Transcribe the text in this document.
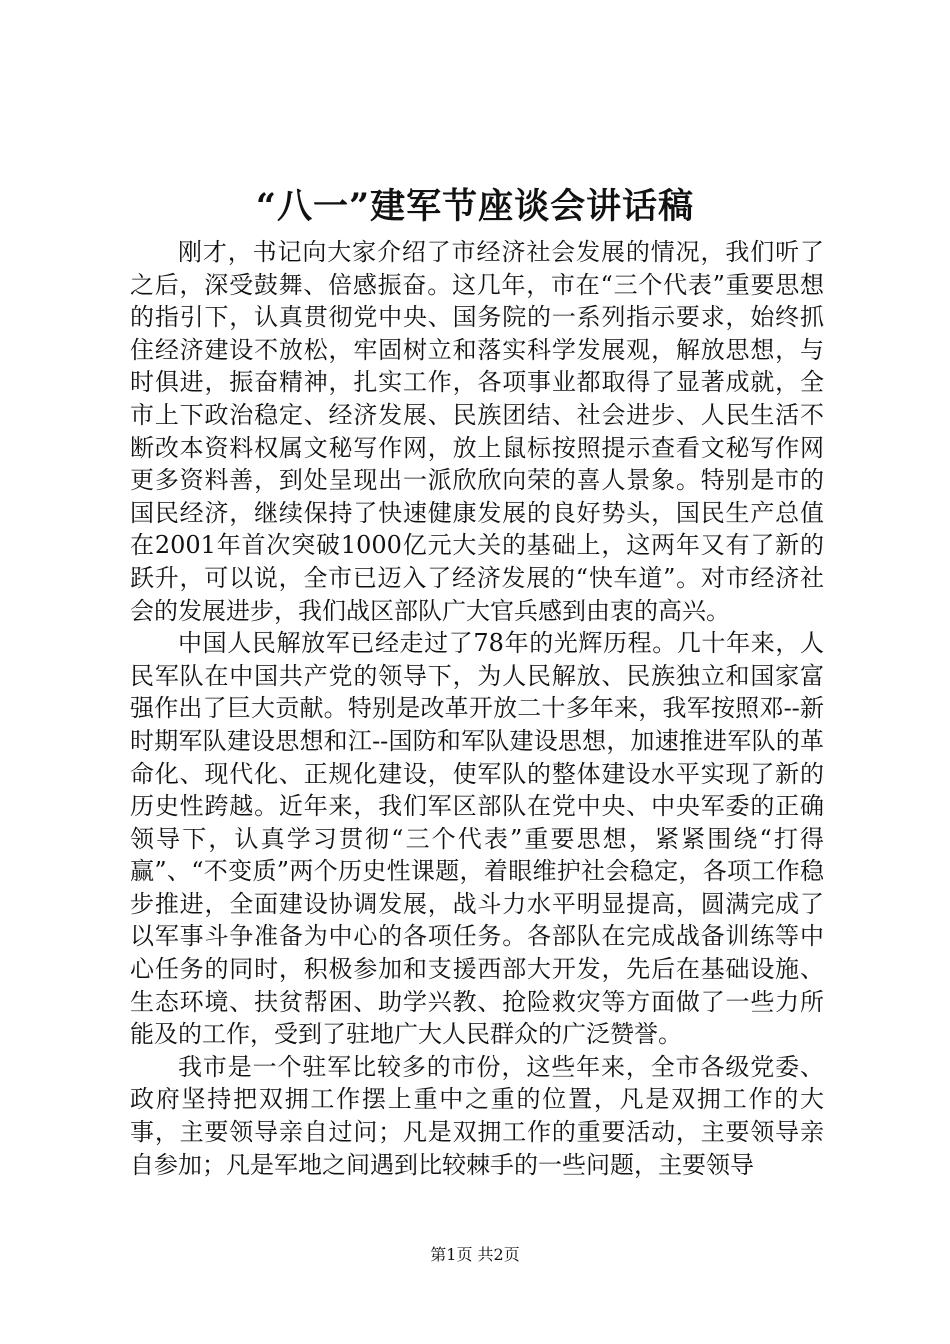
“八一”建军节座谈会讲话稿

刚才，书记向大家介绍了市经济社会发展的情况，我们听了之后，深受鼓舞、倍感振奋。这几年，市在“三个代表”重要思想的指引下，认真贯彻党中央、国务院的一系列指示要求，始终抓住经济建设不放松，牢固树立和落实科学发展观，解放思想，与时俱进，振奋精神，扎实工作，各项事业都取得了显著成就，全市上下政治稳定、经济发展、民族团结、社会进步、人民生活不断改本资料权属文秘写作网，放上鼠标按照提示查看文秘写作网更多资料善，到处呈现出一派欣欣向荣的喜人景象。特别是市的国民经济，继续保持了快速健康发展的良好势头，国民生产总值在2001年首次突破1000亿元大关的基础上，这两年又有了新的跃升，可以说，全市已迈入了经济发展的“快车道”。对市经济社会的发展进步，我们战区部队广大官兵感到由衷的高兴。

中国人民解放军已经走过了78年的光辉历程。几十年来，人民军队在中国共产党的领导下，为人民解放、民族独立和国家富强作出了巨大贡献。特别是改革开放二十多年来，我军按照邓--新时期军队建设思想和江--国防和军队建设思想，加速推进军队的革命化、现代化、正规化建设，使军队的整体建设水平实现了新的历史性跨越。近年来，我们军区部队在党中央、中央军委的正确领导下，认真学习贯彻“三个代表”重要思想，紧紧围绕“打得赢”、“不变质”两个历史性课题，着眼维护社会稳定，各项工作稳步推进，全面建设协调发展，战斗力水平明显提高，圆满完成了以军事斗争准备为中心的各项任务。各部队在完成战备训练等中心任务的同时，积极参加和支援西部大开发，先后在基础设施、生态环境、扶贫帮困、助学兴教、抢险救灾等方面做了一些力所能及的工作，受到了驻地广大人民群众的广泛赞誉。

我市是一个驻军比较多的市份，这些年来，全市各级党委、政府坚持把双拥工作摆上重中之重的位置，凡是双拥工作的大事，主要领导亲自过问；凡是双拥工作的重要活动，主要领导亲自参加；凡是军地之间遇到比较棘手的一些问题，主要领导

第1页 共2页
